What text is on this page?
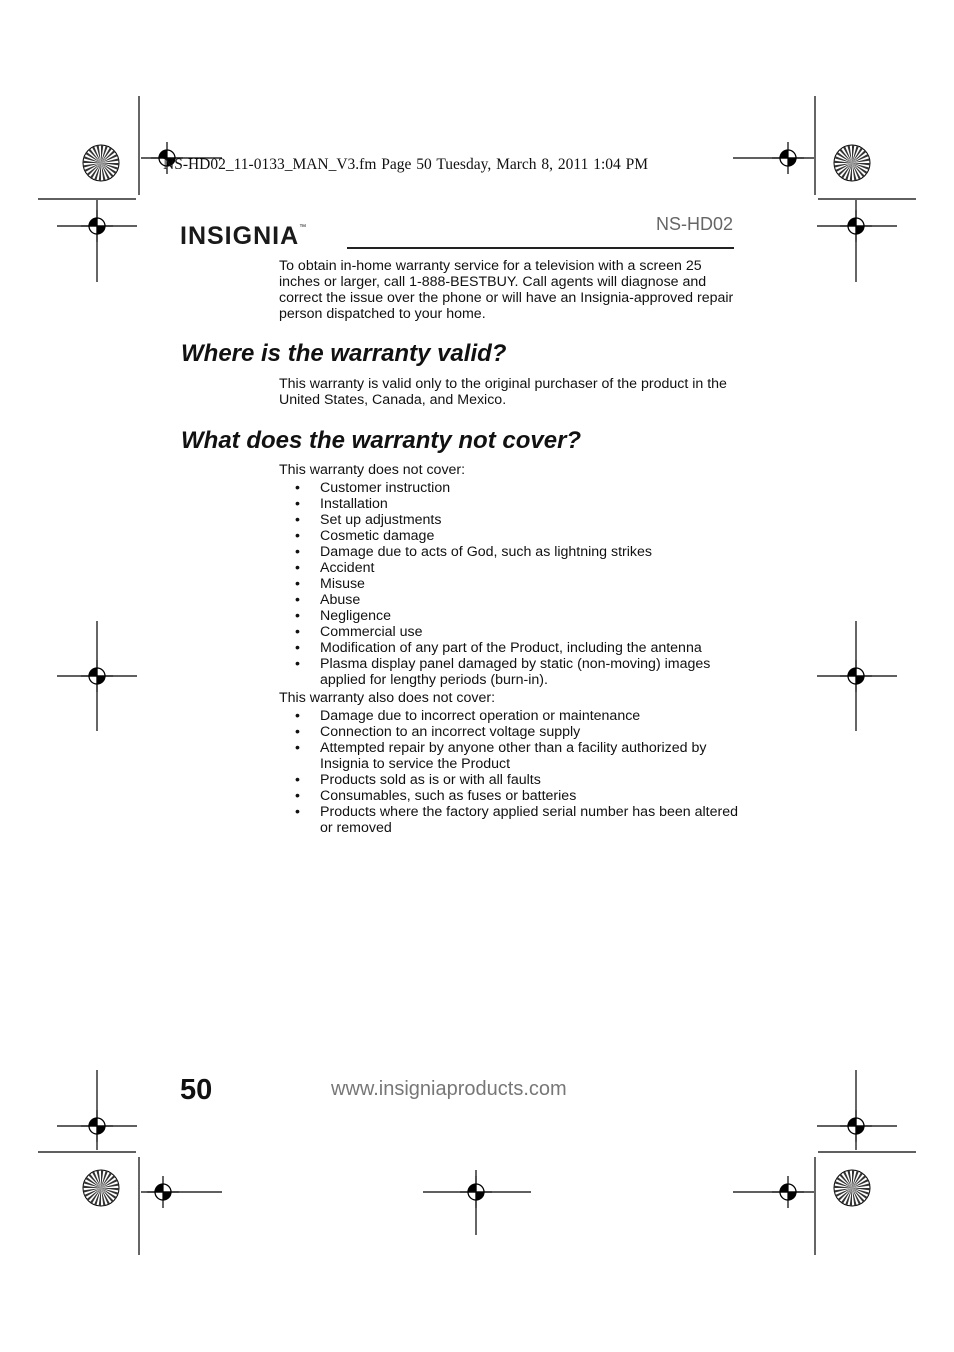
NS-HD02_11-0133_MAN_V3.fm Page 50 Tuesday, March 8, 2011 1:04 PM
INSIGNIA™	NS-HD02

To obtain in-home warranty service for a television with a screen 25 inches or larger, call 1-888-BESTBUY. Call agents will diagnose and correct the issue over the phone or will have an Insignia-approved repair person dispatched to your home.

Where is the warranty valid?

This warranty is valid only to the original purchaser of the product in the United States, Canada, and Mexico.

What does the warranty not cover?

This warranty does not cover:

• Customer instruction
• Installation
• Set up adjustments
• Cosmetic damage
• Damage due to acts of God, such as lightning strikes
• Accident
• Misuse
• Abuse
• Negligence
• Commercial use
• Modification of any part of the Product, including the antenna
• Plasma display panel damaged by static (non-moving) images applied for lengthy periods (burn-in).

This warranty also does not cover:

• Damage due to incorrect operation or maintenance
• Connection to an incorrect voltage supply
• Attempted repair by anyone other than a facility authorized by Insignia to service the Product
• Products sold as is or with all faults
• Consumables, such as fuses or batteries
• Products where the factory applied serial number has been altered or removed
50	www.insigniaproducts.com
